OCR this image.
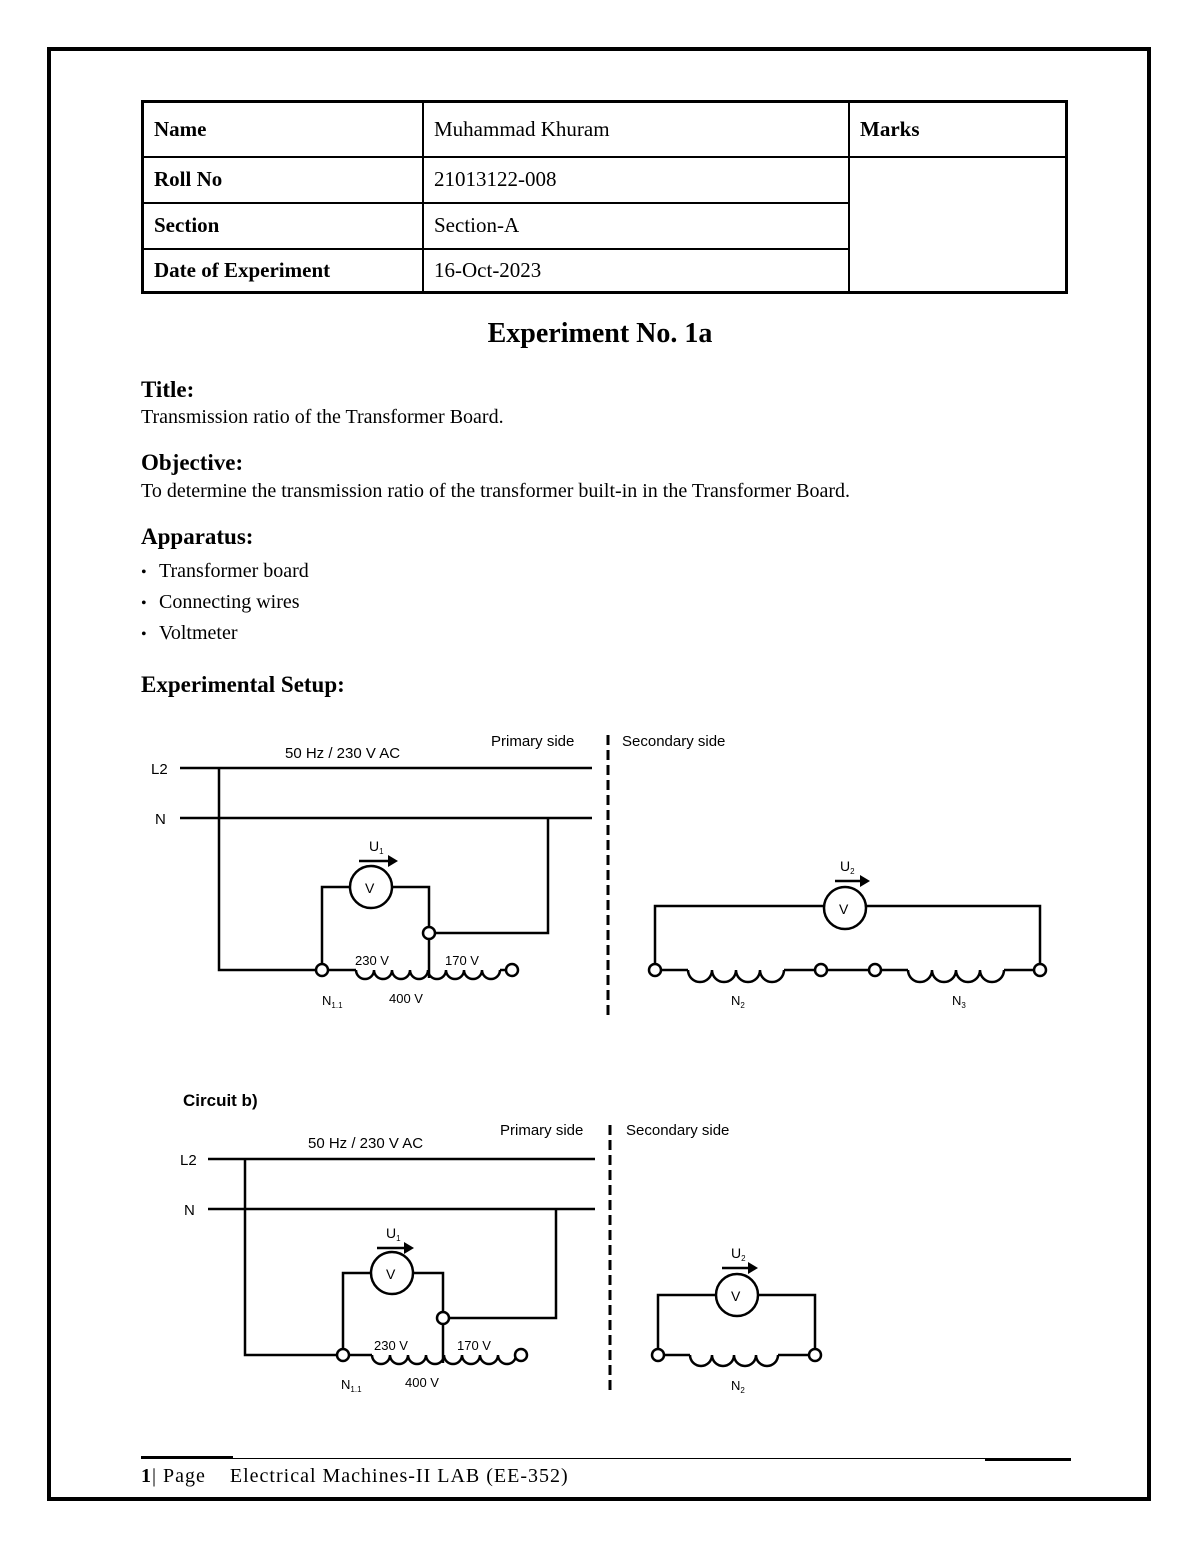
Name	Muhammad Khuram	Marks
Roll No	21013122-008	
Section	Section-A	
Date of Experiment	16-Oct-2023	
Experiment No. 1a
Title:
Transmission ratio of the Transformer Board.
Objective:
To determine the transmission ratio of the transformer built-in in the Transformer Board.
Apparatus:
• Transformer board
• Connecting wires
• Voltmeter
Experimental Setup:
50 Hz / 230 V AC
Primary side	Secondary side
L2
N
V
V
$U_1$
$U_2$
230 V	170 V
400 V
$N_{1.1}$	$N_2$	$N_3$
Circuit b)
50 Hz / 230 V AC
Primary side	Secondary side
L2
N
V
V
$U_1$
$U_2$
230 V	170 V
400 V
$N_{1.1}$	$N_2$
1| Page Electrical Machines-II LAB (EE-352)
